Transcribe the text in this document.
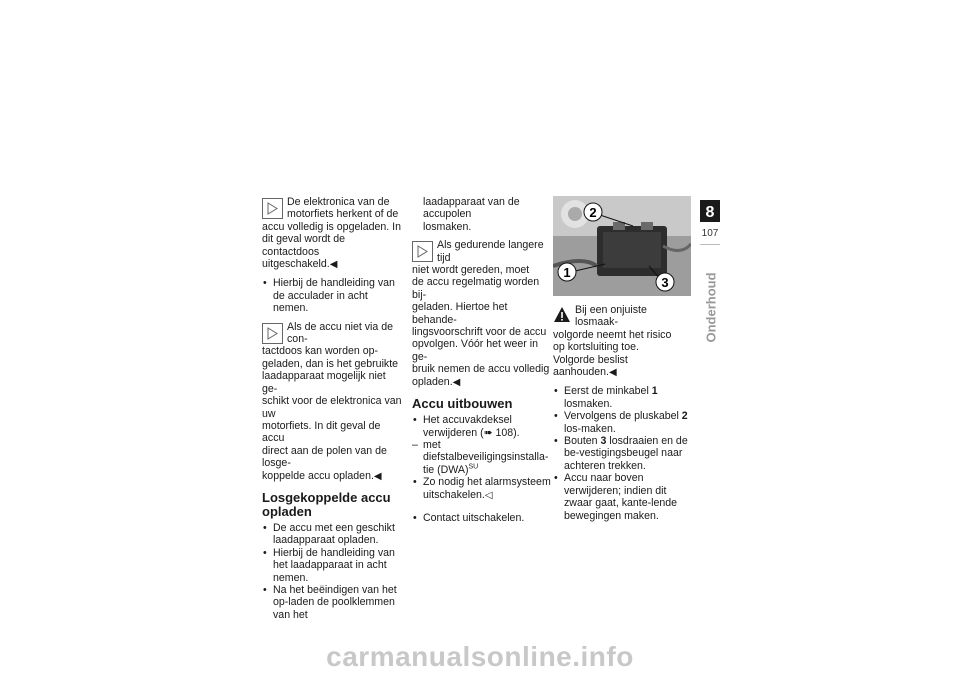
De elektronica van de
motorfiets herkent of de
accu volledig is opgeladen. In
dit geval wordt de contactdoos
uitgeschakeld.◀

• Hierbij de handleiding van de acculader in acht nemen.

Als de accu niet via de con-
tactdoos kan worden op-
geladen, dan is het gebruikte
laadapparaat mogelijk niet ge-
schikt voor de elektronica van uw
motorfiets. In dit geval de accu
direct aan de polen van de losge-
koppelde accu opladen.◀

Losgekoppelde accu opladen
• De accu met een geschikt laadapparaat opladen.
• Hierbij de handleiding van het laadapparaat in acht nemen.
• Na het beëindigen van het op-laden de poolklemmen van het

laadapparaat van de accupolen
losmaken.

Als gedurende langere tijd
niet wordt gereden, moet
de accu regelmatig worden bij-
geladen. Hiertoe het behande-
lingsvoorschrift voor de accu
opvolgen. Vóór het weer in ge-
bruik nemen de accu volledig
opladen.◀

Accu uitbouwen
• Het accuvakdeksel verwijderen (➠ 108).
– met diefstalbeveiligingsinstalla-tie (DWA)$^{SU}$
• Zo nodig het alarmsysteem uitschakelen.◁
• Contact uitschakelen.
2
1
3

Bij een onjuiste losmaak-
volgorde neemt het risico
op kortsluiting toe.
Volgorde beslist aanhouden.◀

• Eerst de minkabel 1 losmaken.
• Vervolgens de pluskabel 2 los-maken.
• Bouten 3 losdraaien en de be-vestigingsbeugel naar achteren trekken.
• Accu naar boven verwijderen; indien dit zwaar gaat, kante-lende bewegingen maken.
8
107
Onderhoud
carmanualsonline.info
